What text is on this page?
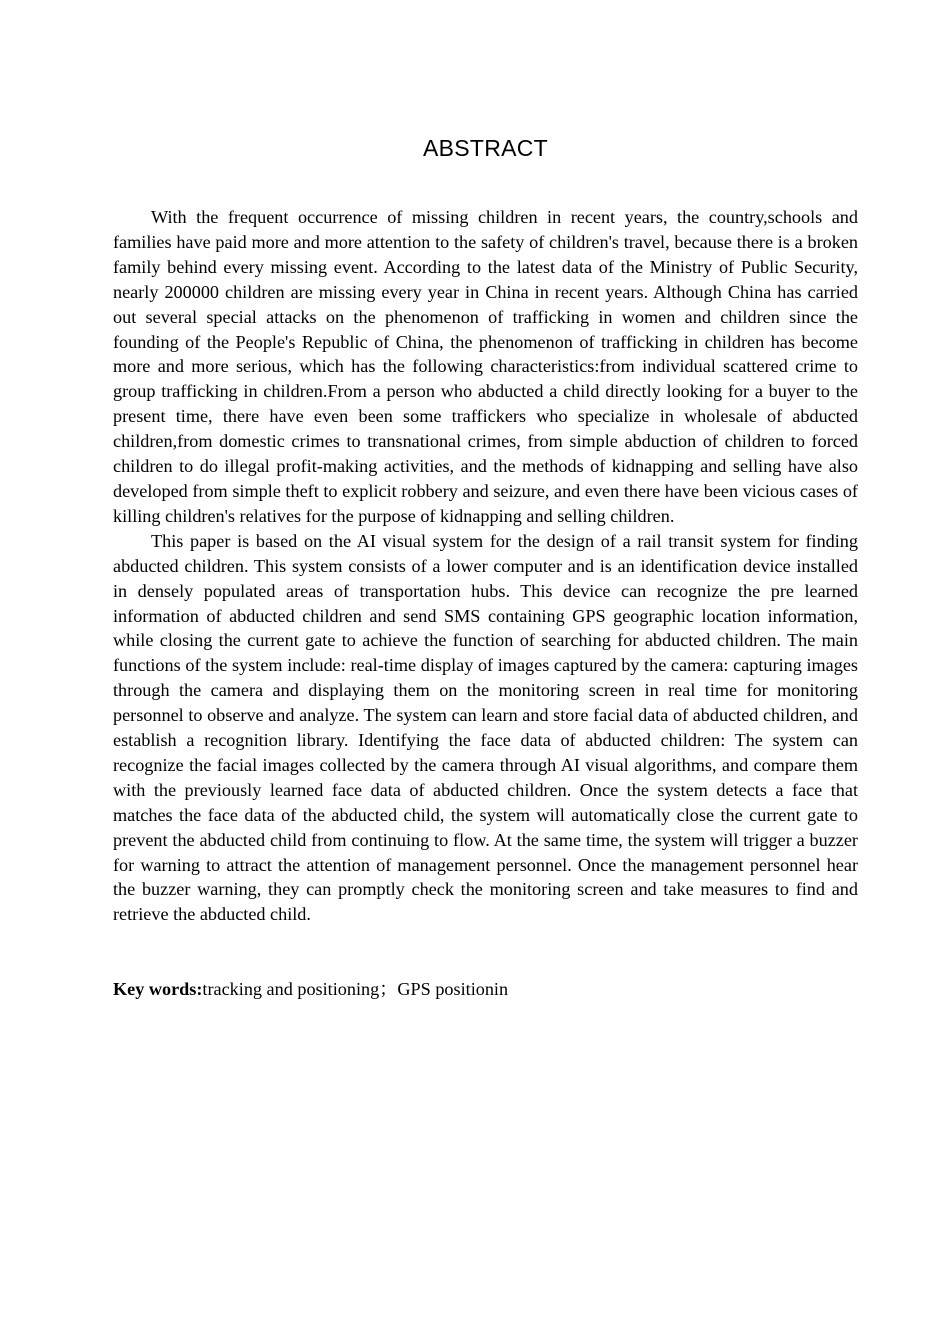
ABSTRACT

With the frequent occurrence of missing children in recent years, the country,schools and families have paid more and more attention to the safety of children's travel, because there is a broken family behind every missing event. According to the latest data of the Ministry of Public Security, nearly 200000 children are missing every year in China in recent years. Although China has carried out several special attacks on the phenomenon of trafficking in women and children since the founding of the People's Republic of China, the phenomenon of trafficking in children has become more and more serious, which has the following characteristics:from individual scattered crime to group trafficking in children.From a person who abducted a child directly looking for a buyer to the present time, there have even been some traffickers who specialize in wholesale of abducted children,from domestic crimes to transnational crimes, from simple abduction of children to forced children to do illegal profit-making activities, and the methods of kidnapping and selling have also developed from simple theft to explicit robbery and seizure, and even there have been vicious cases of killing children's relatives for the purpose of kidnapping and selling children.

This paper is based on the AI visual system for the design of a rail transit system for finding abducted children. This system consists of a lower computer and is an identification device installed in densely populated areas of transportation hubs. This device can recognize the pre learned information of abducted children and send SMS containing GPS geographic location information, while closing the current gate to achieve the function of searching for abducted children. The main functions of the system include: real-time display of images captured by the camera: capturing images through the camera and displaying them on the monitoring screen in real time for monitoring personnel to observe and analyze. The system can learn and store facial data of abducted children, and establish a recognition library. Identifying the face data of abducted children: The system can recognize the facial images collected by the camera through AI visual algorithms, and compare them with the previously learned face data of abducted children. Once the system detects a face that matches the face data of the abducted child, the system will automatically close the current gate to prevent the abducted child from continuing to flow. At the same time, the system will trigger a buzzer for warning to attract the attention of management personnel. Once the management personnel hear the buzzer warning, they can promptly check the monitoring screen and take measures to find and retrieve the abducted child.

Key words:tracking and positioning；GPS positionin
